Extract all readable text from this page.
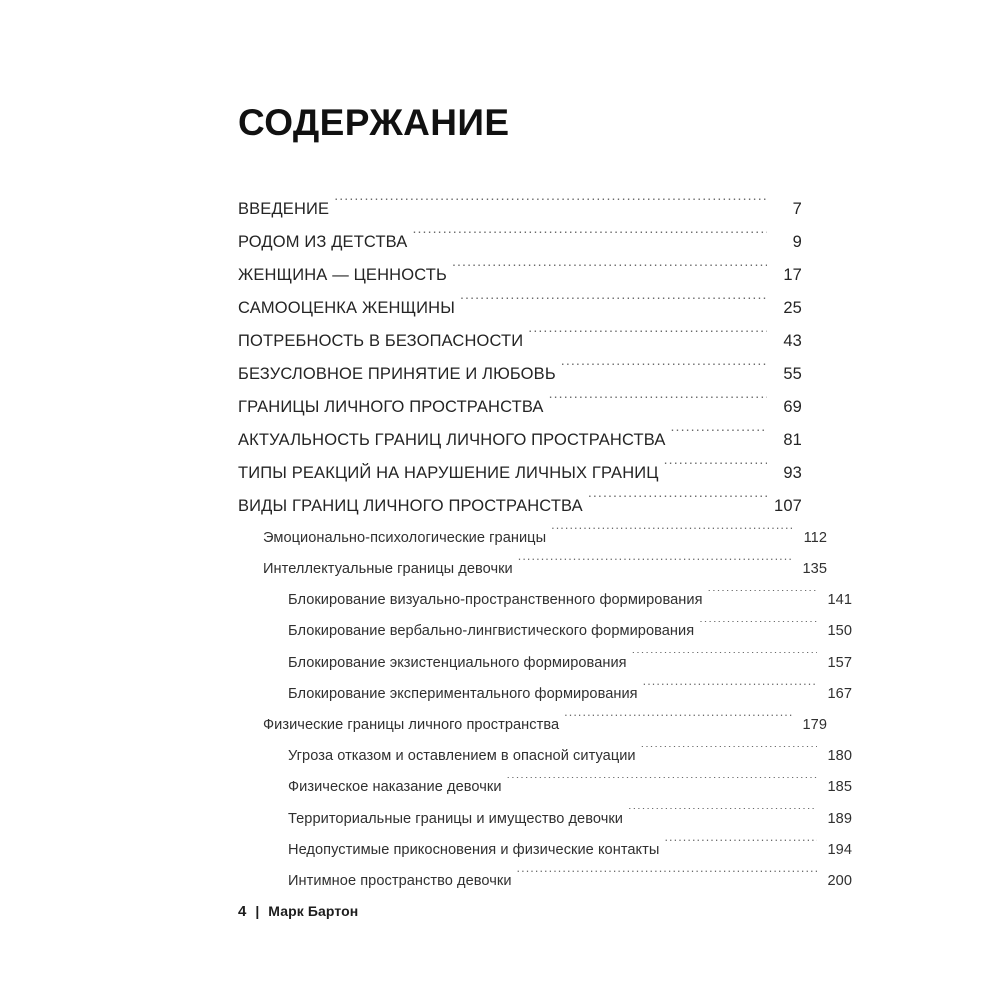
СОДЕРЖАНИЕ
ВВЕДЕНИЕ .....	7
РОДОМ ИЗ ДЕТСТВА .....	9
ЖЕНЩИНА — ЦЕННОСТЬ .....	17
САМООЦЕНКА ЖЕНЩИНЫ .....	25
ПОТРЕБНОСТЬ В БЕЗОПАСНОСТИ .....	43
БЕЗУСЛОВНОЕ ПРИНЯТИЕ И ЛЮБОВЬ .....	55
ГРАНИЦЫ ЛИЧНОГО ПРОСТРАНСТВА .....	69
АКТУАЛЬНОСТЬ ГРАНИЦ ЛИЧНОГО ПРОСТРАНСТВА .....	81
ТИПЫ РЕАКЦИЙ НА НАРУШЕНИЕ ЛИЧНЫХ ГРАНИЦ .....	93
ВИДЫ ГРАНИЦ ЛИЧНОГО ПРОСТРАНСТВА .....	107
Эмоционально-психологические границы .....	112
Интеллектуальные границы девочки .....	135
Блокирование визуально-пространственного формирования .....	141
Блокирование вербально-лингвистического формирования .....	150
Блокирование экзистенциального формирования .....	157
Блокирование экспериментального формирования .....	167
Физические границы личного пространства .....	179
Угроза отказом и оставлением в опасной ситуации .....	180
Физическое наказание девочки .....	185
Территориальные границы и имущество девочки .....	189
Недопустимые прикосновения и физические контакты .....	194
Интимное пространство девочки .....	200
4 | Марк Бартон
